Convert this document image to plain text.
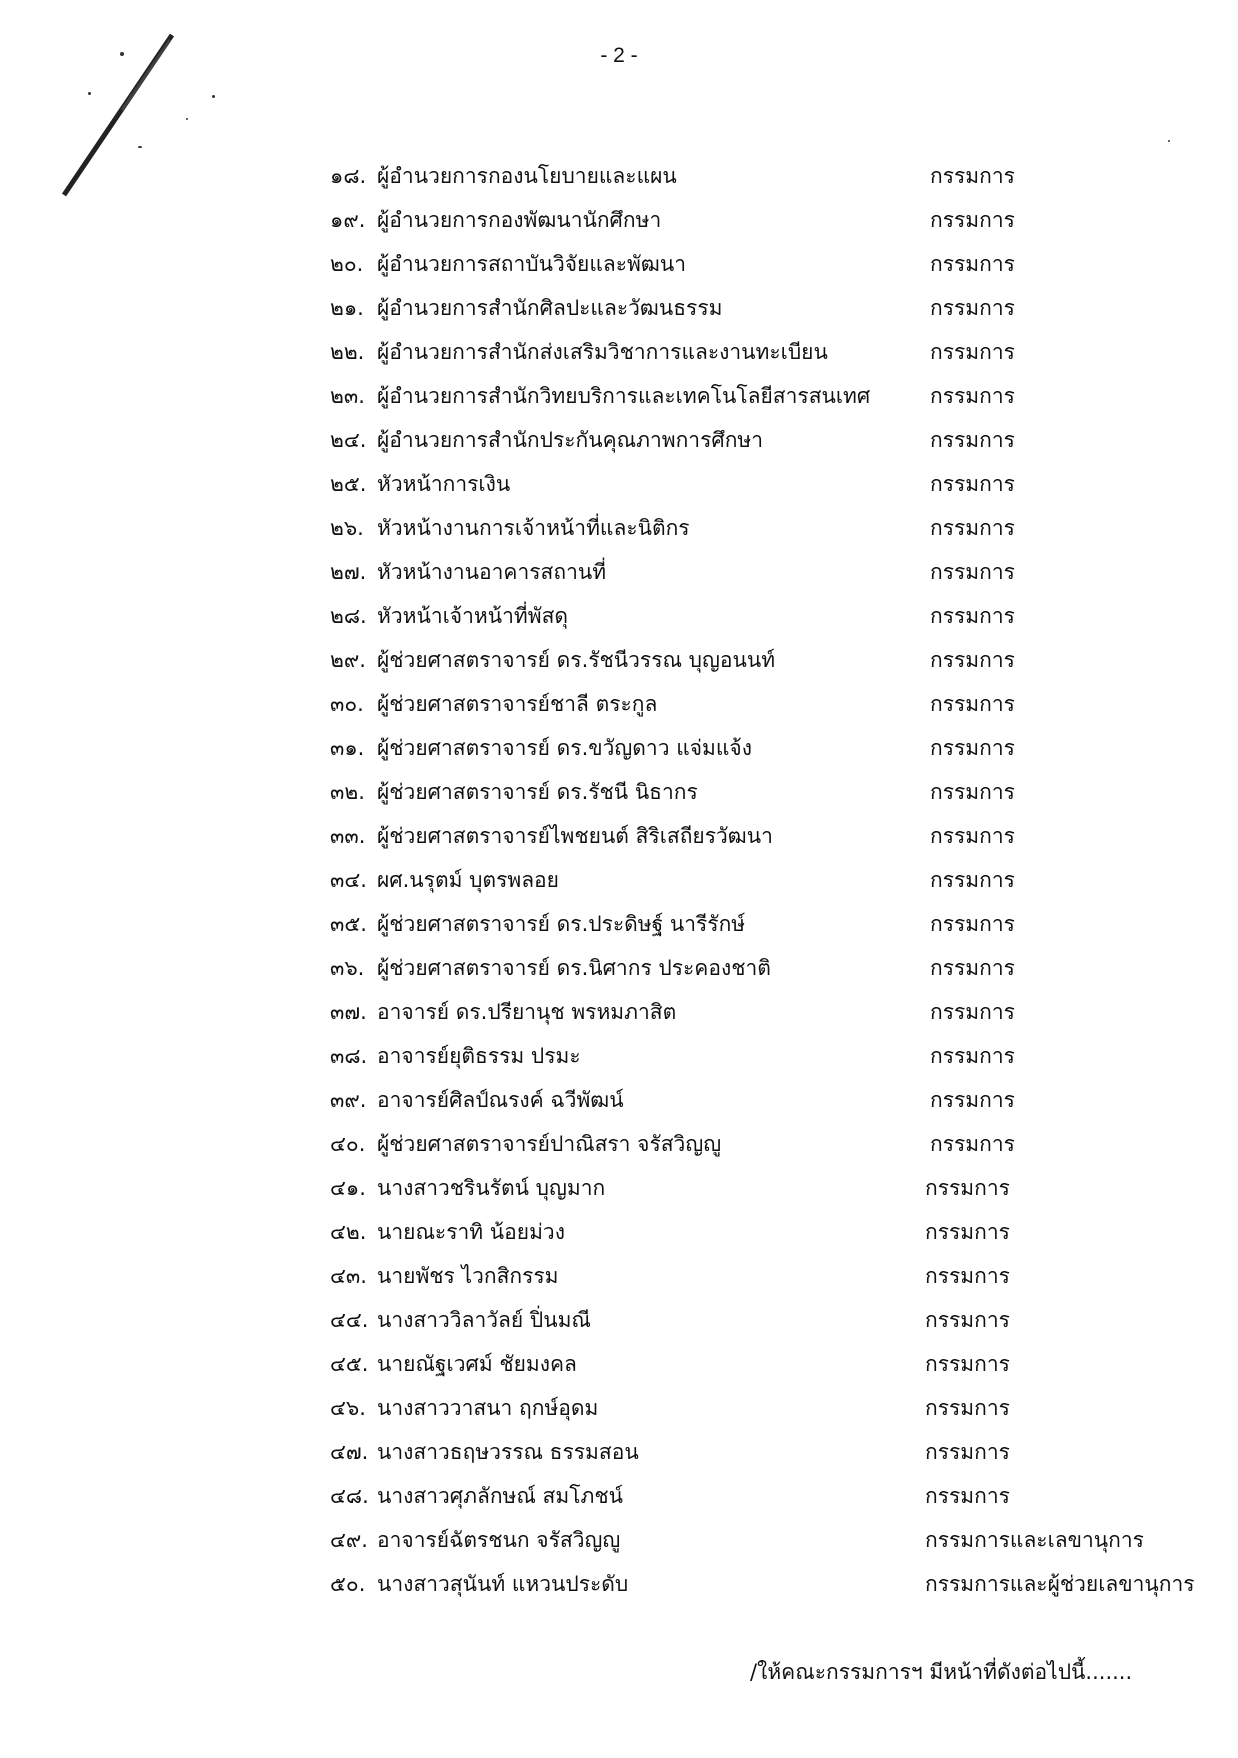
- 2 -
๑๘. ผู้อำนวยการกองนโยบายและแผน	กรรมการ
๑๙. ผู้อำนวยการกองพัฒนานักศึกษา	กรรมการ
๒๐. ผู้อำนวยการสถาบันวิจัยและพัฒนา	กรรมการ
๒๑. ผู้อำนวยการสำนักศิลปะและวัฒนธรรม	กรรมการ
๒๒. ผู้อำนวยการสำนักส่งเสริมวิชาการและงานทะเบียน	กรรมการ
๒๓. ผู้อำนวยการสำนักวิทยบริการและเทคโนโลยีสารสนเทศ	กรรมการ
๒๔. ผู้อำนวยการสำนักประกันคุณภาพการศึกษา	กรรมการ
๒๕. หัวหน้าการเงิน	กรรมการ
๒๖. หัวหน้างานการเจ้าหน้าที่และนิติกร	กรรมการ
๒๗. หัวหน้างานอาคารสถานที่	กรรมการ
๒๘. หัวหน้าเจ้าหน้าที่พัสดุ	กรรมการ
๒๙. ผู้ช่วยศาสตราจารย์ ดร.รัชนีวรรณ บุญอนนท์	กรรมการ
๓๐. ผู้ช่วยศาสตราจารย์ชาลี ตระกูล	กรรมการ
๓๑. ผู้ช่วยศาสตราจารย์ ดร.ขวัญดาว แจ่มแจ้ง	กรรมการ
๓๒. ผู้ช่วยศาสตราจารย์ ดร.รัชนี นิธากร	กรรมการ
๓๓. ผู้ช่วยศาสตราจารย์ไพชยนต์ สิริเสถียรวัฒนา	กรรมการ
๓๔. ผศ.นรุตม์ บุตรพลอย	กรรมการ
๓๕. ผู้ช่วยศาสตราจารย์ ดร.ประดิษฐ์ นารีรักษ์	กรรมการ
๓๖. ผู้ช่วยศาสตราจารย์ ดร.นิศากร ประคองชาติ	กรรมการ
๓๗. อาจารย์ ดร.ปรียานุช พรหมภาสิต	กรรมการ
๓๘. อาจารย์ยุติธรรม ปรมะ	กรรมการ
๓๙. อาจารย์ศิลป์ณรงค์ ฉวีพัฒน์	กรรมการ
๔๐. ผู้ช่วยศาสตราจารย์ปาณิสรา จรัสวิญญู	กรรมการ
๔๑. นางสาวชรินรัตน์ บุญมาก	กรรมการ
๔๒. นายณะราทิ น้อยม่วง	กรรมการ
๔๓. นายพัชร ไวกสิกรรม	กรรมการ
๔๔. นางสาววิลาวัลย์ ปิ่นมณี	กรรมการ
๔๕. นายณัฐเวศม์ ชัยมงคล	กรรมการ
๔๖. นางสาววาสนา ฤกษ์อุดม	กรรมการ
๔๗. นางสาวธฤษวรรณ ธรรมสอน	กรรมการ
๔๘. นางสาวศุภลักษณ์ สมโภชน์	กรรมการ
๔๙. อาจารย์ฉัตรชนก จรัสวิญญู	กรรมการและเลขานุการ
๕๐. นางสาวสุนันท์ แหวนประดับ	กรรมการและผู้ช่วยเลขานุการ
/ให้คณะกรรมการฯ มีหน้าที่ดังต่อไปนี้.......
